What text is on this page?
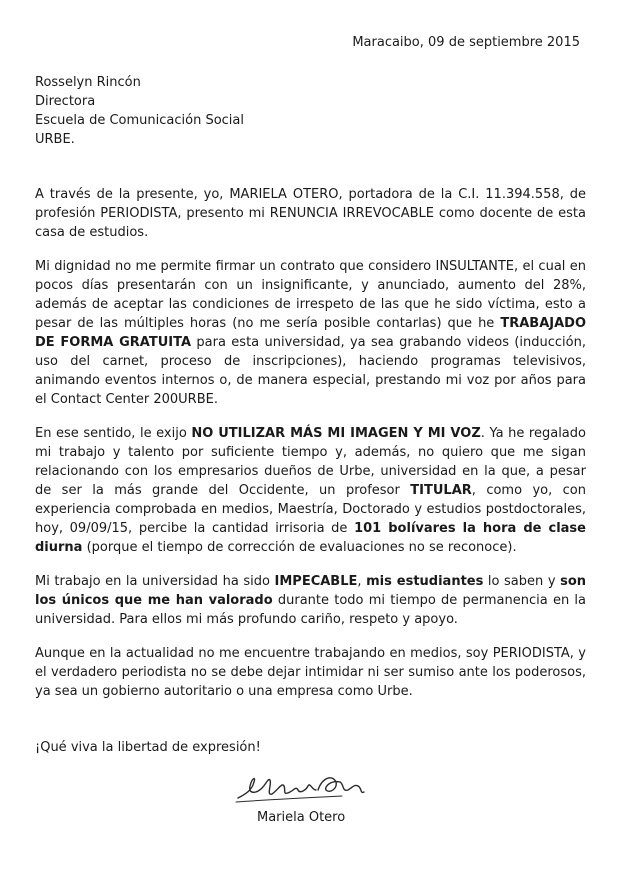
Maracaibo, 09 de septiembre 2015
Rosselyn Rincón
Directora
Escuela de Comunicación Social
URBE.

A través de la presente, yo, MARIELA OTERO, portadora de la C.I. 11.394.558, de profesión PERIODISTA, presento mi RENUNCIA IRREVOCABLE como docente de esta casa de estudios.

Mi dignidad no me permite firmar un contrato que considero INSULTANTE, el cual en pocos días presentarán con un insignificante, y anunciado, aumento del 28%, además de aceptar las condiciones de irrespeto de las que he sido víctima, esto a pesar de las múltiples horas (no me sería posible contarlas) que he TRABAJADO DE FORMA GRATUITA para esta universidad, ya sea grabando videos (inducción, uso del carnet, proceso de inscripciones), haciendo programas televisivos, animando eventos internos o, de manera especial, prestando mi voz por años para el Contact Center 200URBE.

En ese sentido, le exijo NO UTILIZAR MÁS MI IMAGEN Y MI VOZ. Ya he regalado mi trabajo y talento por suficiente tiempo y, además, no quiero que me sigan relacionando con los empresarios dueños de Urbe, universidad en la que, a pesar de ser la más grande del Occidente, un profesor TITULAR, como yo, con experiencia comprobada en medios, Maestría, Doctorado y estudios postdoctorales, hoy, 09/09/15, percibe la cantidad irrisoria de 101 bolívares la hora de clase diurna (porque el tiempo de corrección de evaluaciones no se reconoce).

Mi trabajo en la universidad ha sido IMPECABLE, mis estudiantes lo saben y son los únicos que me han valorado durante todo mi tiempo de permanencia en la universidad. Para ellos mi más profundo cariño, respeto y apoyo.

Aunque en la actualidad no me encuentre trabajando en medios, soy PERIODISTA, y el verdadero periodista no se debe dejar intimidar ni ser sumiso ante los poderosos, ya sea un gobierno autoritario o una empresa como Urbe.

¡Qué viva la libertad de expresión!
Mariela Otero
